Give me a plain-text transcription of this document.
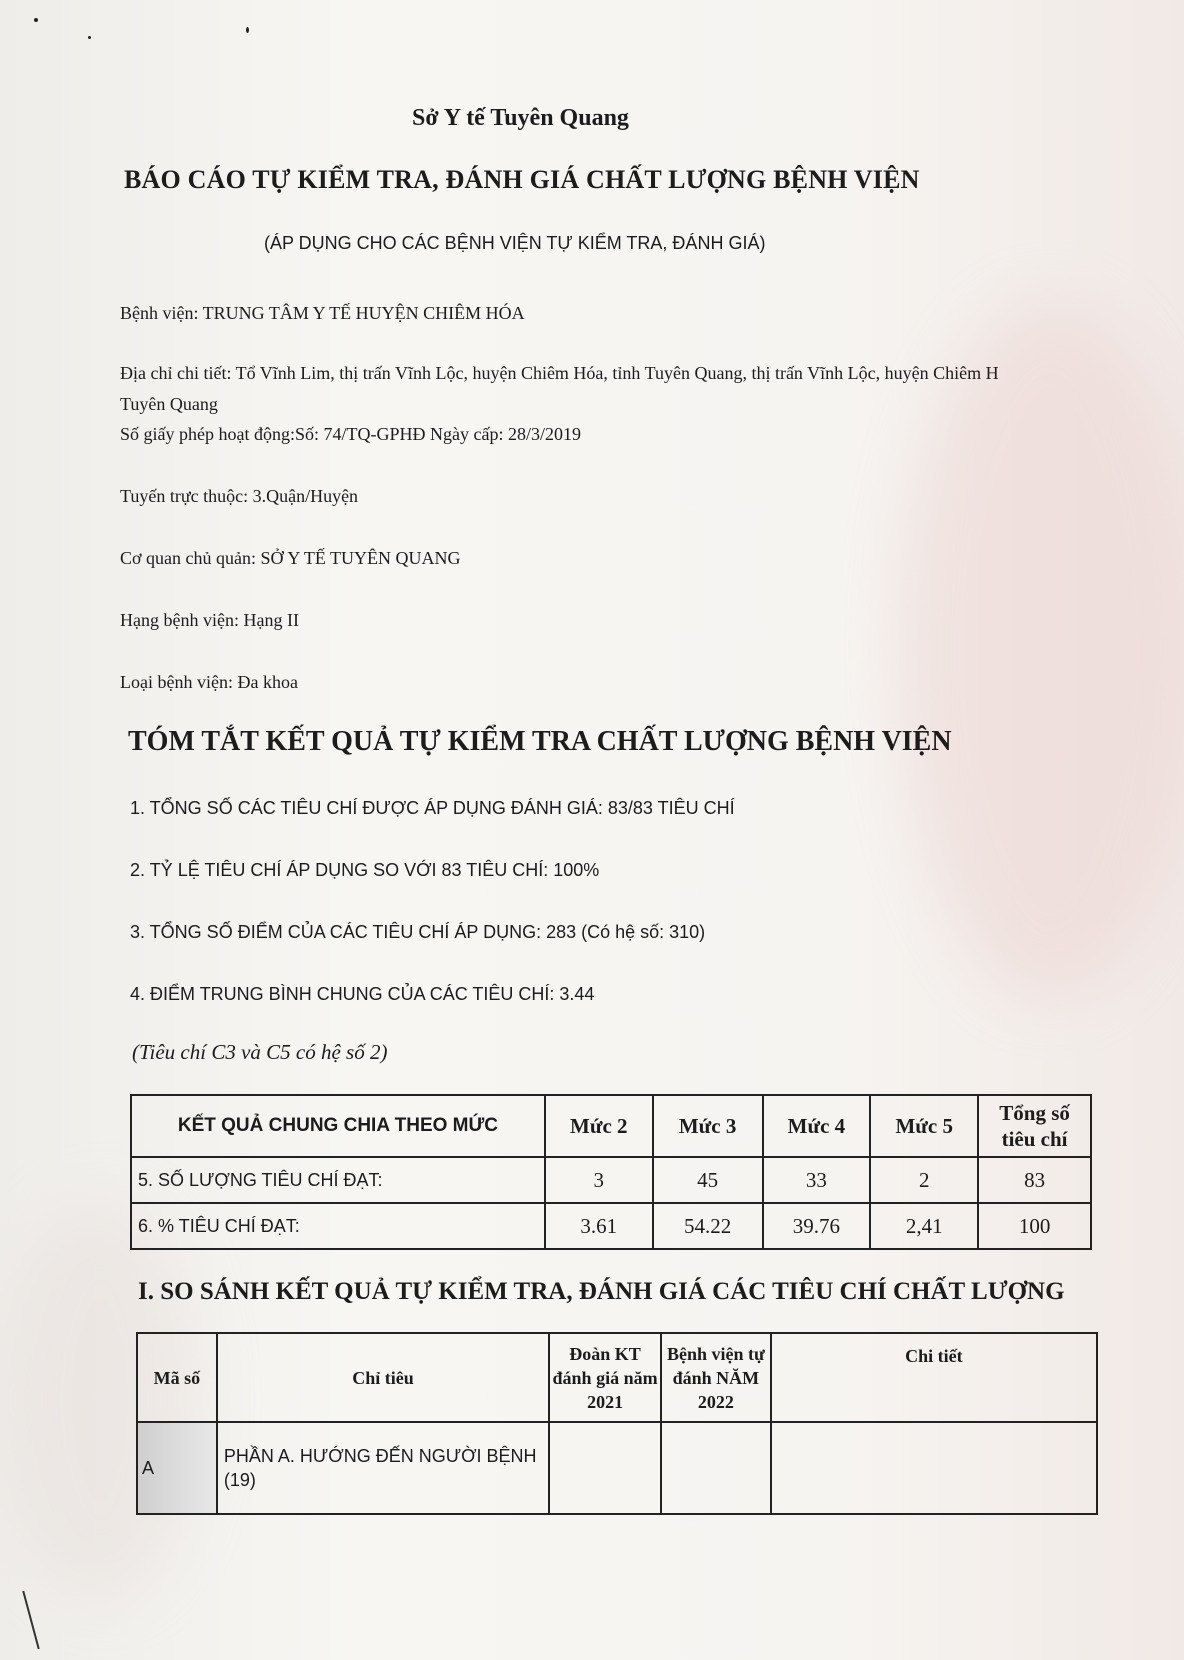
Sở Y tế Tuyên Quang
BÁO CÁO TỰ KIỂM TRA, ĐÁNH GIÁ CHẤT LƯỢNG BỆNH VIỆN
(ÁP DỤNG CHO CÁC BỆNH VIỆN TỰ KIỂM TRA, ĐÁNH GIÁ)
Bệnh viện: TRUNG TÂM Y TẾ HUYỆN CHIÊM HÓA
Địa chỉ chi tiết: Tổ Vĩnh Lim, thị trấn Vĩnh Lộc, huyện Chiêm Hóa, tỉnh Tuyên Quang, thị trấn Vĩnh Lộc, huyện Chiêm H
Tuyên Quang
Số giấy phép hoạt động:Số: 74/TQ-GPHĐ Ngày cấp: 28/3/2019
Tuyến trực thuộc: 3.Quận/Huyện
Cơ quan chủ quản: SỞ Y TẾ TUYÊN QUANG
Hạng bệnh viện: Hạng II
Loại bệnh viện: Đa khoa
TÓM TẮT KẾT QUẢ TỰ KIỂM TRA CHẤT LƯỢNG BỆNH VIỆN
1. TỔNG SỐ CÁC TIÊU CHÍ ĐƯỢC ÁP DỤNG ĐÁNH GIÁ: 83/83 TIÊU CHÍ
2. TỶ LỆ TIÊU CHÍ ÁP DỤNG SO VỚI 83 TIÊU CHÍ: 100%
3. TỔNG SỐ ĐIỂM CỦA CÁC TIÊU CHÍ ÁP DỤNG: 283 (Có hệ số: 310)
4. ĐIỂM TRUNG BÌNH CHUNG CỦA CÁC TIÊU CHÍ: 3.44
(Tiêu chí C3 và C5 có hệ số 2)
KẾT QUẢ CHUNG CHIA THEO MỨC	Mức 2	Mức 3	Mức 4	Mức 5	Tổng số tiêu chí
5. SỐ LƯỢNG TIÊU CHÍ ĐẠT:	3	45	33	2	83
6. % TIÊU CHÍ ĐẠT:	3.61	54.22	39.76	2,41	100
I. SO SÁNH KẾT QUẢ TỰ KIỂM TRA, ĐÁNH GIÁ CÁC TIÊU CHÍ CHẤT LƯỢNG
Mã số	Chỉ tiêu	Đoàn KT đánh giá năm 2021	Bệnh viện tự đánh NĂM 2022	Chi tiết
A	PHẦN A. HƯỚNG ĐẾN NGƯỜI BỆNH (19)			
